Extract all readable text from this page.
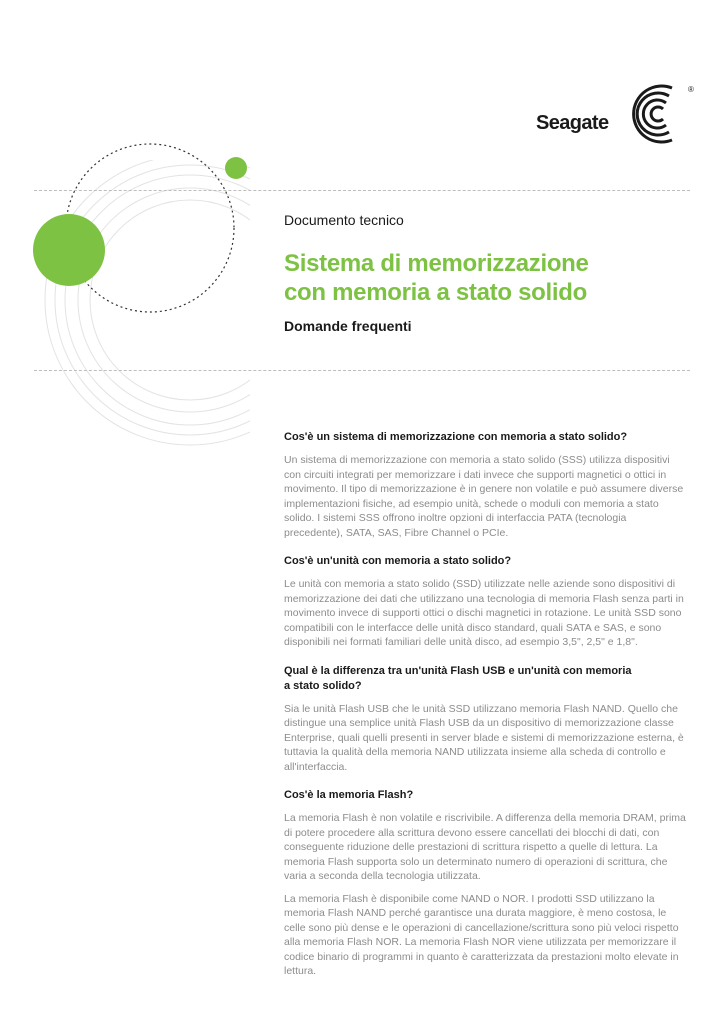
Seagate
®
Documento tecnico
Sistema di memorizzazione
con memoria a stato solido
Domande frequenti
Cos'è un sistema di memorizzazione con memoria a stato solido?

Un sistema di memorizzazione con memoria a stato solido (SSS) utilizza dispositivi con circuiti integrati per memorizzare i dati invece che supporti magnetici o ottici in movimento. Il tipo di memorizzazione è in genere non volatile e può assumere diverse implementazioni fisiche, ad esempio unità, schede o moduli con memoria a stato solido. I sistemi SSS offrono inoltre opzioni di interfaccia PATA (tecnologia precedente), SATA, SAS, Fibre Channel o PCIe.

Cos'è un'unità con memoria a stato solido?

Le unità con memoria a stato solido (SSD) utilizzate nelle aziende sono dispositivi di memorizzazione dei dati che utilizzano una tecnologia di memoria Flash senza parti in movimento invece di supporti ottici o dischi magnetici in rotazione. Le unità SSD sono compatibili con le interfacce delle unità disco standard, quali SATA e SAS, e sono disponibili nei formati familiari delle unità disco, ad esempio 3,5", 2,5" e 1,8".

Qual è la differenza tra un'unità Flash USB e un'unità con memoria
a stato solido?

Sia le unità Flash USB che le unità SSD utilizzano memoria Flash NAND. Quello che distingue una semplice unità Flash USB da un dispositivo di memorizzazione classe Enterprise, quali quelli presenti in server blade e sistemi di memorizzazione esterna, è tuttavia la qualità della memoria NAND utilizzata insieme alla scheda di controllo e all'interfaccia.

Cos'è la memoria Flash?

La memoria Flash è non volatile e riscrivibile. A differenza della memoria DRAM, prima di potere procedere alla scrittura devono essere cancellati dei blocchi di dati, con conseguente riduzione delle prestazioni di scrittura rispetto a quelle di lettura. La memoria Flash supporta solo un determinato numero di operazioni di scrittura, che varia a seconda della tecnologia utilizzata.

La memoria Flash è disponibile come NAND o NOR. I prodotti SSD utilizzano la memoria Flash NAND perché garantisce una durata maggiore, è meno costosa, le celle sono più dense e le operazioni di cancellazione/scrittura sono più veloci rispetto alla memoria Flash NOR. La memoria Flash NOR viene utilizzata per memorizzare il codice binario di programmi in quanto è caratterizzata da prestazioni molto elevate in lettura.
